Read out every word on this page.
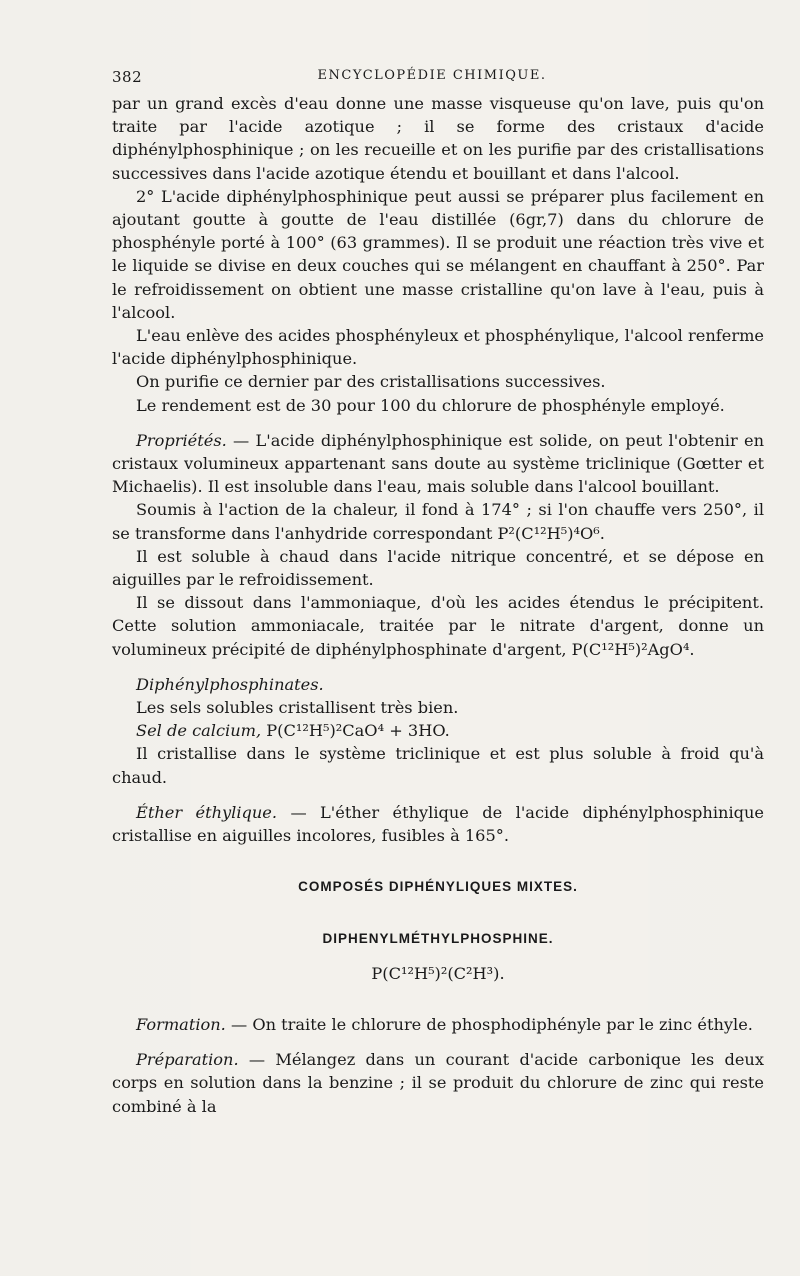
382	ENCYCLOPÉDIE CHIMIQUE.

par un grand excès d'eau donne une masse visqueuse qu'on lave, puis qu'on traite par l'acide azotique ; il se forme des cristaux d'acide diphénylphosphinique ; on les recueille et on les purifie par des cristallisations successives dans l'acide azotique étendu et bouillant et dans l'alcool.

2° L'acide diphénylphosphinique peut aussi se préparer plus facilement en ajoutant goutte à goutte de l'eau distillée (6gr,7) dans du chlorure de phosphényle porté à 100° (63 grammes). Il se produit une réaction très vive et le liquide se divise en deux couches qui se mélangent en chauffant à 250°. Par le refroidissement on obtient une masse cristalline qu'on lave à l'eau, puis à l'alcool.

L'eau enlève des acides phosphényleux et phosphénylique, l'alcool renferme l'acide diphénylphosphinique.

On purifie ce dernier par des cristallisations successives.

Le rendement est de 30 pour 100 du chlorure de phosphényle employé.

Propriétés. — L'acide diphénylphosphinique est solide, on peut l'obtenir en cristaux volumineux appartenant sans doute au système triclinique (Gœtter et Michaelis). Il est insoluble dans l'eau, mais soluble dans l'alcool bouillant.

Soumis à l'action de la chaleur, il fond à 174° ; si l'on chauffe vers 250°, il se transforme dans l'anhydride correspondant P²(C¹²H⁵)⁴O⁶.

Il est soluble à chaud dans l'acide nitrique concentré, et se dépose en aiguilles par le refroidissement.

Il se dissout dans l'ammoniaque, d'où les acides étendus le précipitent. Cette solution ammoniacale, traitée par le nitrate d'argent, donne un volumineux précipité de diphénylphosphinate d'argent, P(C¹²H⁵)²AgO⁴.

Diphénylphosphinates.

Les sels solubles cristallisent très bien.

Sel de calcium, P(C¹²H⁵)²CaO⁴ + 3HO.

Il cristallise dans le système triclinique et est plus soluble à froid qu'à chaud.

Éther éthylique. — L'éther éthylique de l'acide diphénylphosphinique cristallise en aiguilles incolores, fusibles à 165°.

COMPOSÉS DIPHÉNYLIQUES MIXTES.

DIPHENYLMÉTHYLPHOSPHINE.

P(C¹²H⁵)²(C²H³).

Formation. — On traite le chlorure de phosphodiphényle par le zinc éthyle.

Préparation. — Mélangez dans un courant d'acide carbonique les deux corps en solution dans la benzine ; il se produit du chlorure de zinc qui reste combiné à la
